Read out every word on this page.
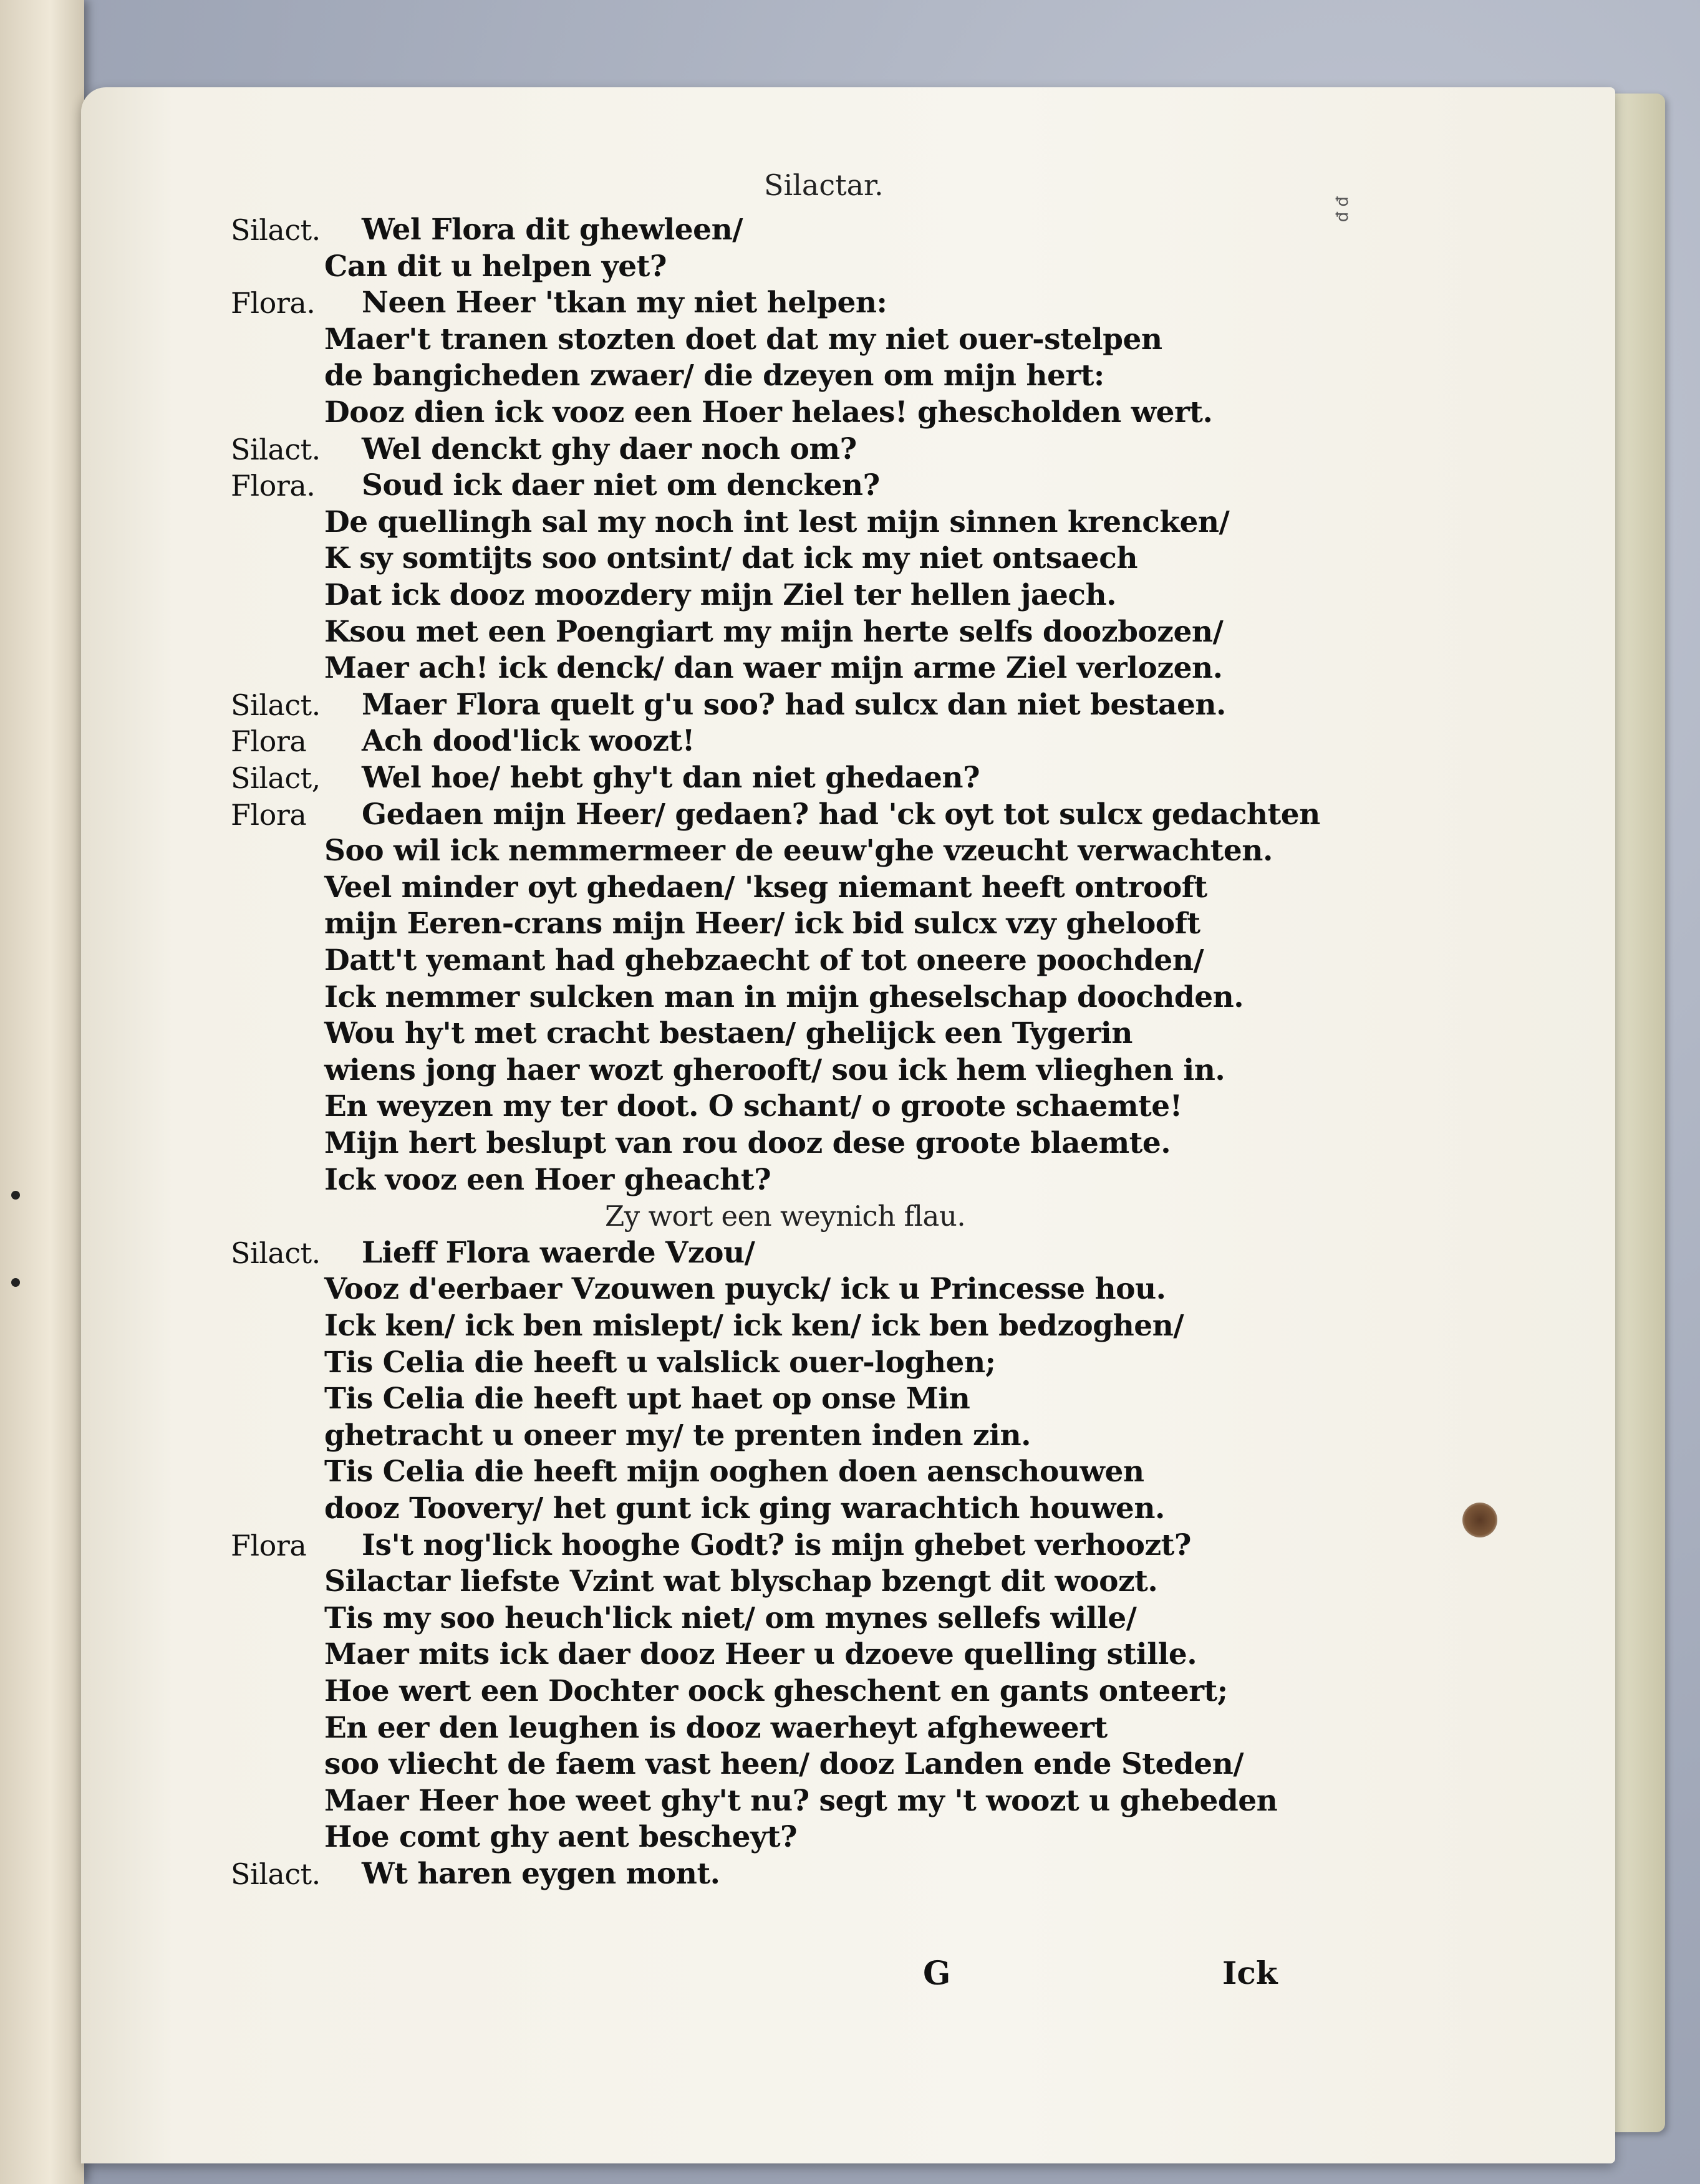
Silactar.
ꝑ ꝑ
Silact. Wel Flora dit ghewleen/
Can dit u helpen yet?
Flora. Neen Heer 'tkan my niet helpen:
Maer't tranen stozten doet dat my niet ouer-stelpen
de bangicheden zwaer/ die dzeyen om mijn hert:
Dooz dien ick vooz een Hoer helaes! ghescholden wert.
Silact. Wel denckt ghy daer noch om?
Flora. Soud ick daer niet om dencken?
De quellingh sal my noch int lest mijn sinnen krencken/
K sy somtijts soo ontsint/ dat ick my niet ontsaech
Dat ick dooz moozdery mijn Ziel ter hellen jaech.
Ksou met een Poengiart my mijn herte selfs doozbozen/
Maer ach! ick denck/ dan waer mijn arme Ziel verlozen.
Silact. Maer Flora quelt g'u soo? had sulcx dan niet bestaen.
Flora Ach dood'lick woozt!
Silact, Wel hoe/ hebt ghy't dan niet ghedaen?
Flora Gedaen mijn Heer/ gedaen? had 'ck oyt tot sulcx gedachten
Soo wil ick nemmermeer de eeuw'ghe vzeucht verwachten.
Veel minder oyt ghedaen/ 'kseg niemant heeft ontrooft
mijn Eeren-crans mijn Heer/ ick bid sulcx vzy ghelooft
Datt't yemant had ghebzaecht of tot oneere poochden/
Ick nemmer sulcken man in mijn gheselschap doochden.
Wou hy't met cracht bestaen/ ghelijck een Tygerin
wiens jong haer wozt gherooft/ sou ick hem vlieghen in.
En weyzen my ter doot. O schant/ o groote schaemte!
Mijn hert beslupt van rou dooz dese groote blaemte.
Ick vooz een Hoer gheacht?
Zy wort een weynich flau.
Silact. Lieff Flora waerde Vzou/
Vooz d'eerbaer Vzouwen puyck/ ick u Princesse hou.
Ick ken/ ick ben mislept/ ick ken/ ick ben bedzoghen/
Tis Celia die heeft u valslick ouer-loghen;
Tis Celia die heeft upt haet op onse Min
ghetracht u oneer my/ te prenten inden zin.
Tis Celia die heeft mijn ooghen doen aenschouwen
dooz Toovery/ het gunt ick ging warachtich houwen.
Flora Is't nog'lick hooghe Godt? is mijn ghebet verhoozt?
Silactar liefste Vzint wat blyschap bzengt dit woozt.
Tis my soo heuch'lick niet/ om mynes sellefs wille/
Maer mits ick daer dooz Heer u dzoeve quelling stille.
Hoe wert een Dochter oock gheschent en gants onteert;
En eer den leughen is dooz waerheyt afgheweert
soo vliecht de faem vast heen/ dooz Landen ende Steden/
Maer Heer hoe weet ghy't nu? segt my 't woozt u ghebeden
Hoe comt ghy aent bescheyt?
Silact. Wt haren eygen mont.
G	Ick
